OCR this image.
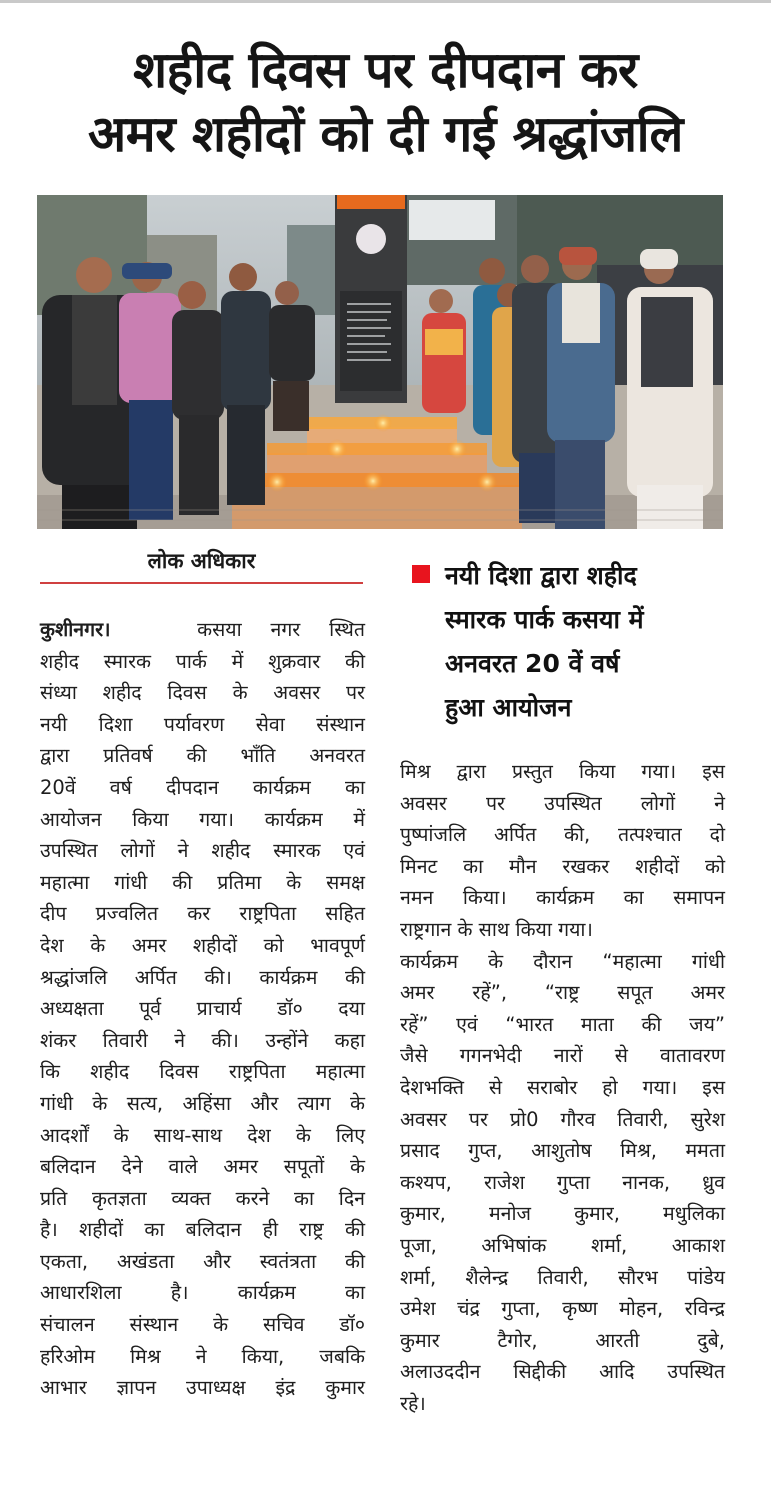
शहीद दिवस पर दीपदान कर
अमर शहीदों को दी गई श्रद्धांजलि
लोक अधिकार	नयी दिशा द्वारा शहीद
स्मारक पार्क कसया में
अनवरत 20 वें वर्ष
हुआ आयोजन
कुशीनगर।	कसया नगर स्थित
शहीद स्मारक पार्क में शुक्रवार की
संध्या शहीद दिवस के अवसर पर
नयी दिशा पर्यावरण सेवा संस्थान
द्वारा प्रतिवर्ष की भाँति अनवरत
20वें वर्ष दीपदान कार्यक्रम का
आयोजन किया गया। कार्यक्रम में
उपस्थित लोगों ने शहीद स्मारक एवं
महात्मा गांधी की प्रतिमा के समक्ष
दीप प्रज्वलित कर राष्ट्रपिता सहित
देश के अमर शहीदों को भावपूर्ण
श्रद्धांजलि अर्पित की। कार्यक्रम की
अध्यक्षता पूर्व प्राचार्य डॉ० दया
शंकर तिवारी ने की। उन्होंने कहा
कि शहीद दिवस राष्ट्रपिता महात्मा
गांधी के सत्य, अहिंसा और त्याग के
आदर्शों के साथ-साथ देश के लिए
बलिदान देने वाले अमर सपूतों के
प्रति कृतज्ञता व्यक्त करने का दिन
है। शहीदों का बलिदान ही राष्ट्र की
एकता, अखंडता और स्वतंत्रता की
आधारशिला है। कार्यक्रम का
संचालन संस्थान के सचिव डॉ०
हरिओम मिश्र ने किया, जबकि
आभार ज्ञापन उपाध्यक्ष इंद्र कुमार
मिश्र द्वारा प्रस्तुत किया गया। इस
अवसर पर उपस्थित लोगों ने
पुष्पांजलि अर्पित की, तत्पश्चात दो
मिनट का मौन रखकर शहीदों को
नमन किया। कार्यक्रम का समापन
राष्ट्रगान के साथ किया गया।
कार्यक्रम के दौरान “महात्मा गांधी
अमर रहें”, “राष्ट्र सपूत अमर
रहें” एवं “भारत माता की जय”
जैसे गगनभेदी नारों से वातावरण
देशभक्ति से सराबोर हो गया। इस
अवसर पर प्रो0 गौरव तिवारी, सुरेश
प्रसाद गुप्त, आशुतोष मिश्र, ममता
कश्यप, राजेश गुप्ता नानक, ध्रुव
कुमार, मनोज कुमार, मधुलिका
पूजा, अभिषांक शर्मा, आकाश
शर्मा, शैलेन्द्र तिवारी, सौरभ पांडेय
उमेश चंद्र गुप्ता, कृष्ण मोहन, रविन्द्र
कुमार टैगोर, आरती दुबे,
अलाउददीन सिद्दीकी आदि उपस्थित
रहे।
